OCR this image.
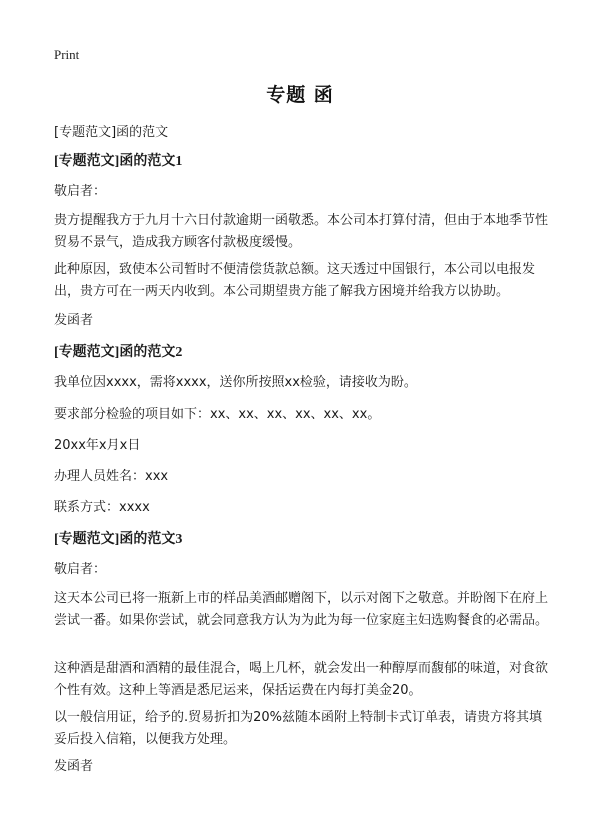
Print
专题 函
[专题范文]函的范文
[专题范文]函的范文1
敬启者：
贵方提醒我方于九月十六日付款逾期一函敬悉。本公司本打算付清，但由于本地季节性贸易不景气，造成我方顾客付款极度缓慢。
此种原因，致使本公司暂时不便清偿货款总额。这天透过中国银行，本公司以电报发出，贵方可在一两天内收到。本公司期望贵方能了解我方困境并给我方以协助。
发函者
[专题范文]函的范文2
我单位因xxxx，需将xxxx，送你所按照xx检验，请接收为盼。
要求部分检验的项目如下：xx、xx、xx、xx、xx、xx。
20xx年x月x日
办理人员姓名：xxx
联系方式：xxxx
[专题范文]函的范文3
敬启者：
这天本公司已将一瓶新上市的样品美酒邮赠阁下，以示对阁下之敬意。并盼阁下在府上尝试一番。如果你尝试，就会同意我方认为为此为每一位家庭主妇选购餐食的必需品。
这种酒是甜酒和酒精的最佳混合，喝上几杯，就会发出一种醇厚而馥郁的味道，对食欲个性有效。这种上等酒是悉尼运来，保括运费在内每打美金20。
以一般信用证，给予的.贸易折扣为20%兹随本函附上特制卡式订单表，请贵方将其填妥后投入信箱，以便我方处理。
发函者
